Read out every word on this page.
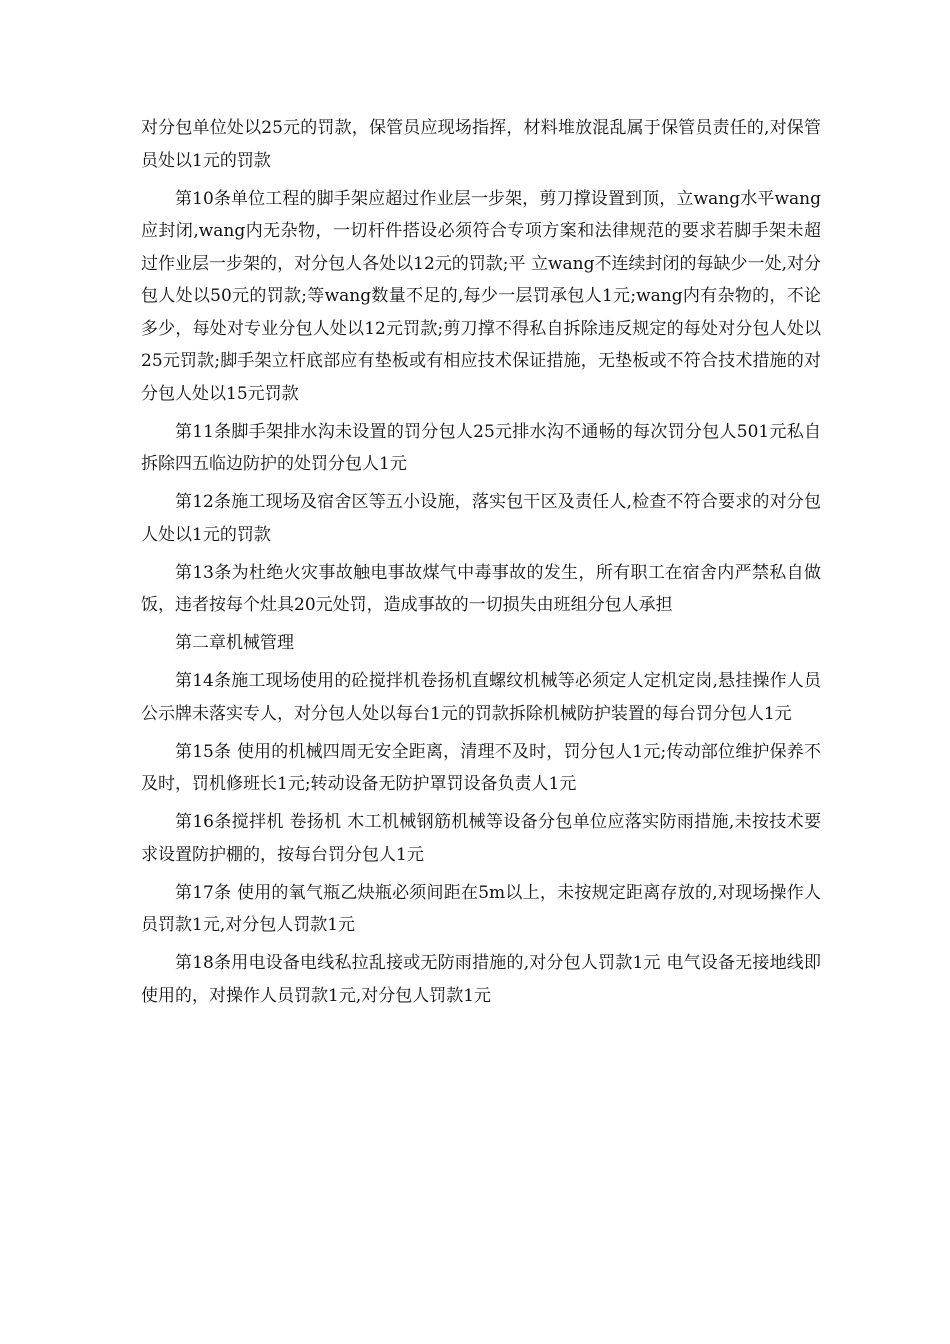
对分包单位处以25元的罚款，保管员应现场指挥，材料堆放混乱属于保管员责任的,对保管员处以1元的罚款

第10条单位工程的脚手架应超过作业层一步架，剪刀撑设置到顶，立wang水平wang应封闭,wang内无杂物，一切杆件搭设必须符合专项方案和法律规范的要求若脚手架未超过作业层一步架的，对分包人各处以12元的罚款;平 立wang不连续封闭的每缺少一处,对分包人处以50元的罚款;等wang数量不足的,每少一层罚承包人1元;wang内有杂物的，不论多少，每处对专业分包人处以12元罚款;剪刀撑不得私自拆除违反规定的每处对分包人处以25元罚款;脚手架立杆底部应有垫板或有相应技术保证措施，无垫板或不符合技术措施的对分包人处以15元罚款

第11条脚手架排水沟未设置的罚分包人25元排水沟不通畅的每次罚分包人501元私自拆除四五临边防护的处罚分包人1元

第12条施工现场及宿舍区等五小设施，落实包干区及责任人,检查不符合要求的对分包人处以1元的罚款

第13条为杜绝火灾事故触电事故煤气中毒事故的发生，所有职工在宿舍内严禁私自做饭，违者按每个灶具20元处罚，造成事故的一切损失由班组分包人承担

第二章机械管理

第14条施工现场使用的砼搅拌机卷扬机直螺纹机械等必须定人定机定岗,悬挂操作人员公示牌未落实专人，对分包人处以每台1元的罚款拆除机械防护装置的每台罚分包人1元

第15条 使用的机械四周无安全距离，清理不及时，罚分包人1元;传动部位维护保养不及时，罚机修班长1元;转动设备无防护罩罚设备负责人1元

第16条搅拌机 卷扬机 木工机械钢筋机械等设备分包单位应落实防雨措施,未按技术要求设置防护棚的，按每台罚分包人1元

第17条 使用的氧气瓶乙炔瓶必须间距在5m以上，未按规定距离存放的,对现场操作人员罚款1元,对分包人罚款1元

第18条用电设备电线私拉乱接或无防雨措施的,对分包人罚款1元 电气设备无接地线即使用的，对操作人员罚款1元,对分包人罚款1元
